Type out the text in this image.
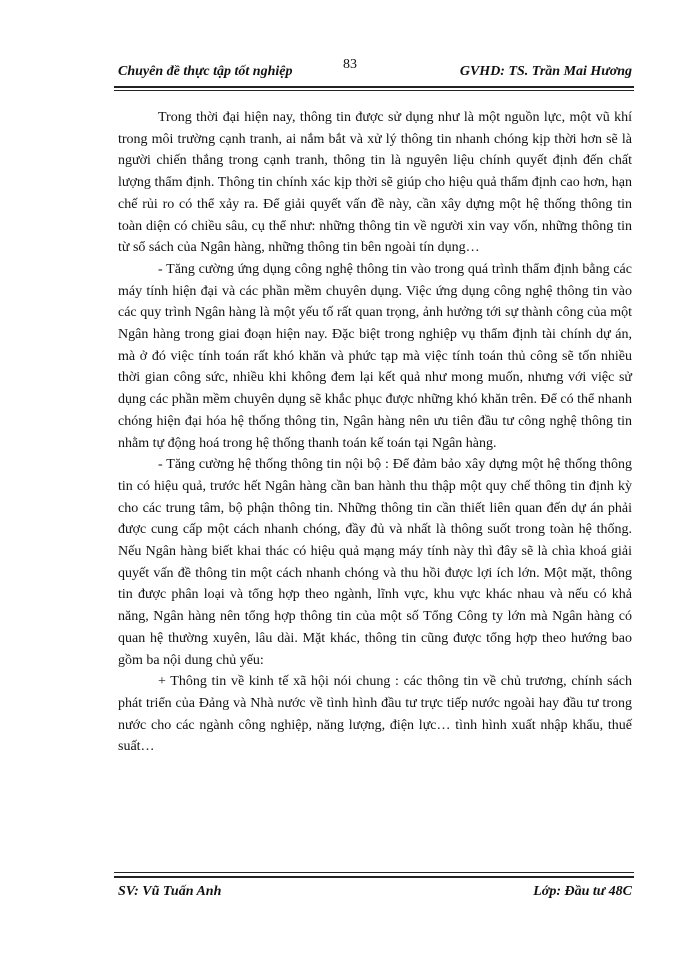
83
Chuyên đề thực tập tốt nghiệp	GVHD: TS. Trần Mai Hương

Trong thời đại hiện nay, thông tin được sử dụng như là một nguồn lực, một vũ khí trong môi trường cạnh tranh, ai nắm bắt và xử lý thông tin nhanh chóng kịp thời hơn sẽ là người chiến thắng trong cạnh tranh, thông tin là nguyên liệu chính quyết định đến chất lượng thẩm định. Thông tin chính xác kịp thời sẽ giúp cho hiệu quả thẩm định cao hơn, hạn chế rủi ro có thể xảy ra. Để giải quyết vấn đề này, cần xây dựng một hệ thống thông tin toàn diện có chiều sâu, cụ thể như: những thông tin về người xin vay vốn, những thông tin từ sổ sách của Ngân hàng, những thông tin bên ngoài tín dụng…

- Tăng cường ứng dụng công nghệ thông tin vào trong quá trình thẩm định bằng các máy tính hiện đại và các phần mềm chuyên dụng. Việc ứng dụng công nghệ thông tin vào các quy trình Ngân hàng là một yếu tố rất quan trọng, ảnh hưởng tới sự thành công của một Ngân hàng trong giai đoạn hiện nay. Đặc biệt trong nghiệp vụ thẩm định tài chính dự án, mà ở đó việc tính toán rất khó khăn và phức tạp mà việc tính toán thủ công sẽ tốn nhiều thời gian công sức, nhiều khi không đem lại kết quả như mong muốn, nhưng với việc sử dụng các phần mềm chuyên dụng sẽ khắc phục được những khó khăn trên. Để có thể nhanh chóng hiện đại hóa hệ thống thông tin, Ngân hàng nên ưu tiên đầu tư công nghệ thông tin nhằm tự động hoá trong hệ thống thanh toán kế toán tại Ngân hàng.

- Tăng cường hệ thống thông tin nội bộ : Để đảm bảo xây dựng một hệ thống thông tin có hiệu quả, trước hết Ngân hàng cần ban hành thu thập một quy chế thông tin định kỳ cho các trung tâm, bộ phận thông tin. Những thông tin cần thiết liên quan đến dự án phải được cung cấp một cách nhanh chóng, đầy đủ và nhất là thông suốt trong toàn hệ thống. Nếu Ngân hàng biết khai thác có hiệu quả mạng máy tính này thì đây sẽ là chìa khoá giải quyết vấn đề thông tin một cách nhanh chóng và thu hồi được lợi ích lớn. Một mặt, thông tin được phân loại và tổng hợp theo ngành, lĩnh vực, khu vực khác nhau và nếu có khả năng, Ngân hàng nên tổng hợp thông tin của một số Tổng Công ty lớn mà Ngân hàng có quan hệ thường xuyên, lâu dài. Mặt khác, thông tin cũng được tổng hợp theo hướng bao gồm ba nội dung chủ yếu:

+ Thông tin về kinh tế xã hội nói chung : các thông tin về chủ trương, chính sách phát triển của Đảng và Nhà nước về tình hình đầu tư trực tiếp nước ngoài hay đầu tư trong nước cho các ngành công nghiệp, năng lượng, điện lực… tình hình xuất nhập khẩu, thuế suất…

SV: Vũ Tuấn Anh	Lớp: Đầu tư 48C
